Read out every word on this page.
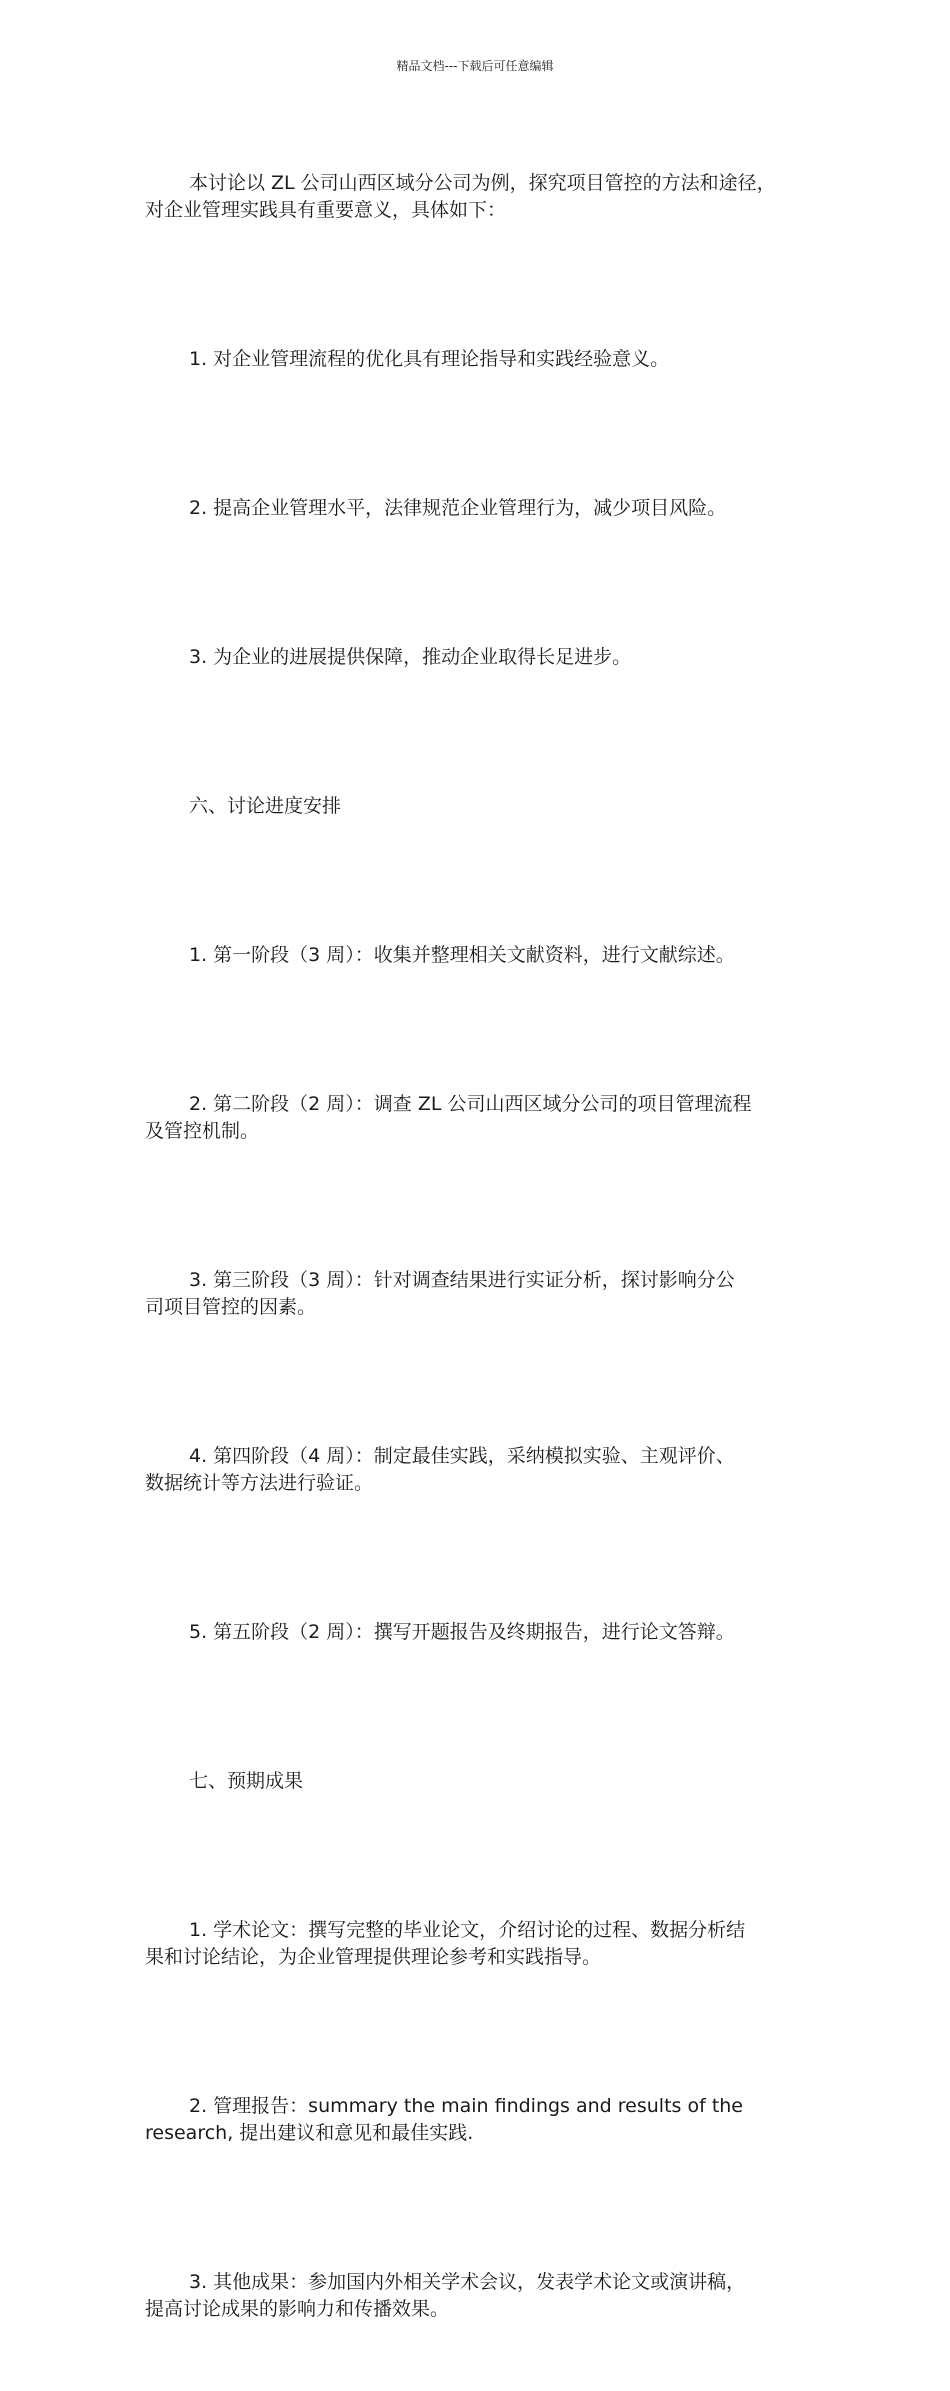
精品文档---下载后可任意编辑

本讨论以 ZL 公司山西区域分公司为例，探究项目管控的方法和途径，
对企业管理实践具有重要意义，具体如下：

1. 对企业管理流程的优化具有理论指导和实践经验意义。

2. 提高企业管理水平，法律规范企业管理行为，减少项目风险。

3. 为企业的进展提供保障，推动企业取得长足进步。

六、讨论进度安排

1. 第一阶段（3 周）：收集并整理相关文献资料，进行文献综述。

2. 第二阶段（2 周）：调查 ZL 公司山西区域分公司的项目管理流程
及管控机制。

3. 第三阶段（3 周）：针对调查结果进行实证分析，探讨影响分公
司项目管控的因素。

4. 第四阶段（4 周）：制定最佳实践，采纳模拟实验、主观评价、
数据统计等方法进行验证。

5. 第五阶段（2 周）：撰写开题报告及终期报告，进行论文答辩。

七、预期成果

1. 学术论文：撰写完整的毕业论文，介绍讨论的过程、数据分析结
果和讨论结论，为企业管理提供理论参考和实践指导。

2. 管理报告：summary the main findings and results of the
research, 提出建议和意见和最佳实践.

3. 其他成果：参加国内外相关学术会议，发表学术论文或演讲稿，
提高讨论成果的影响力和传播效果。
